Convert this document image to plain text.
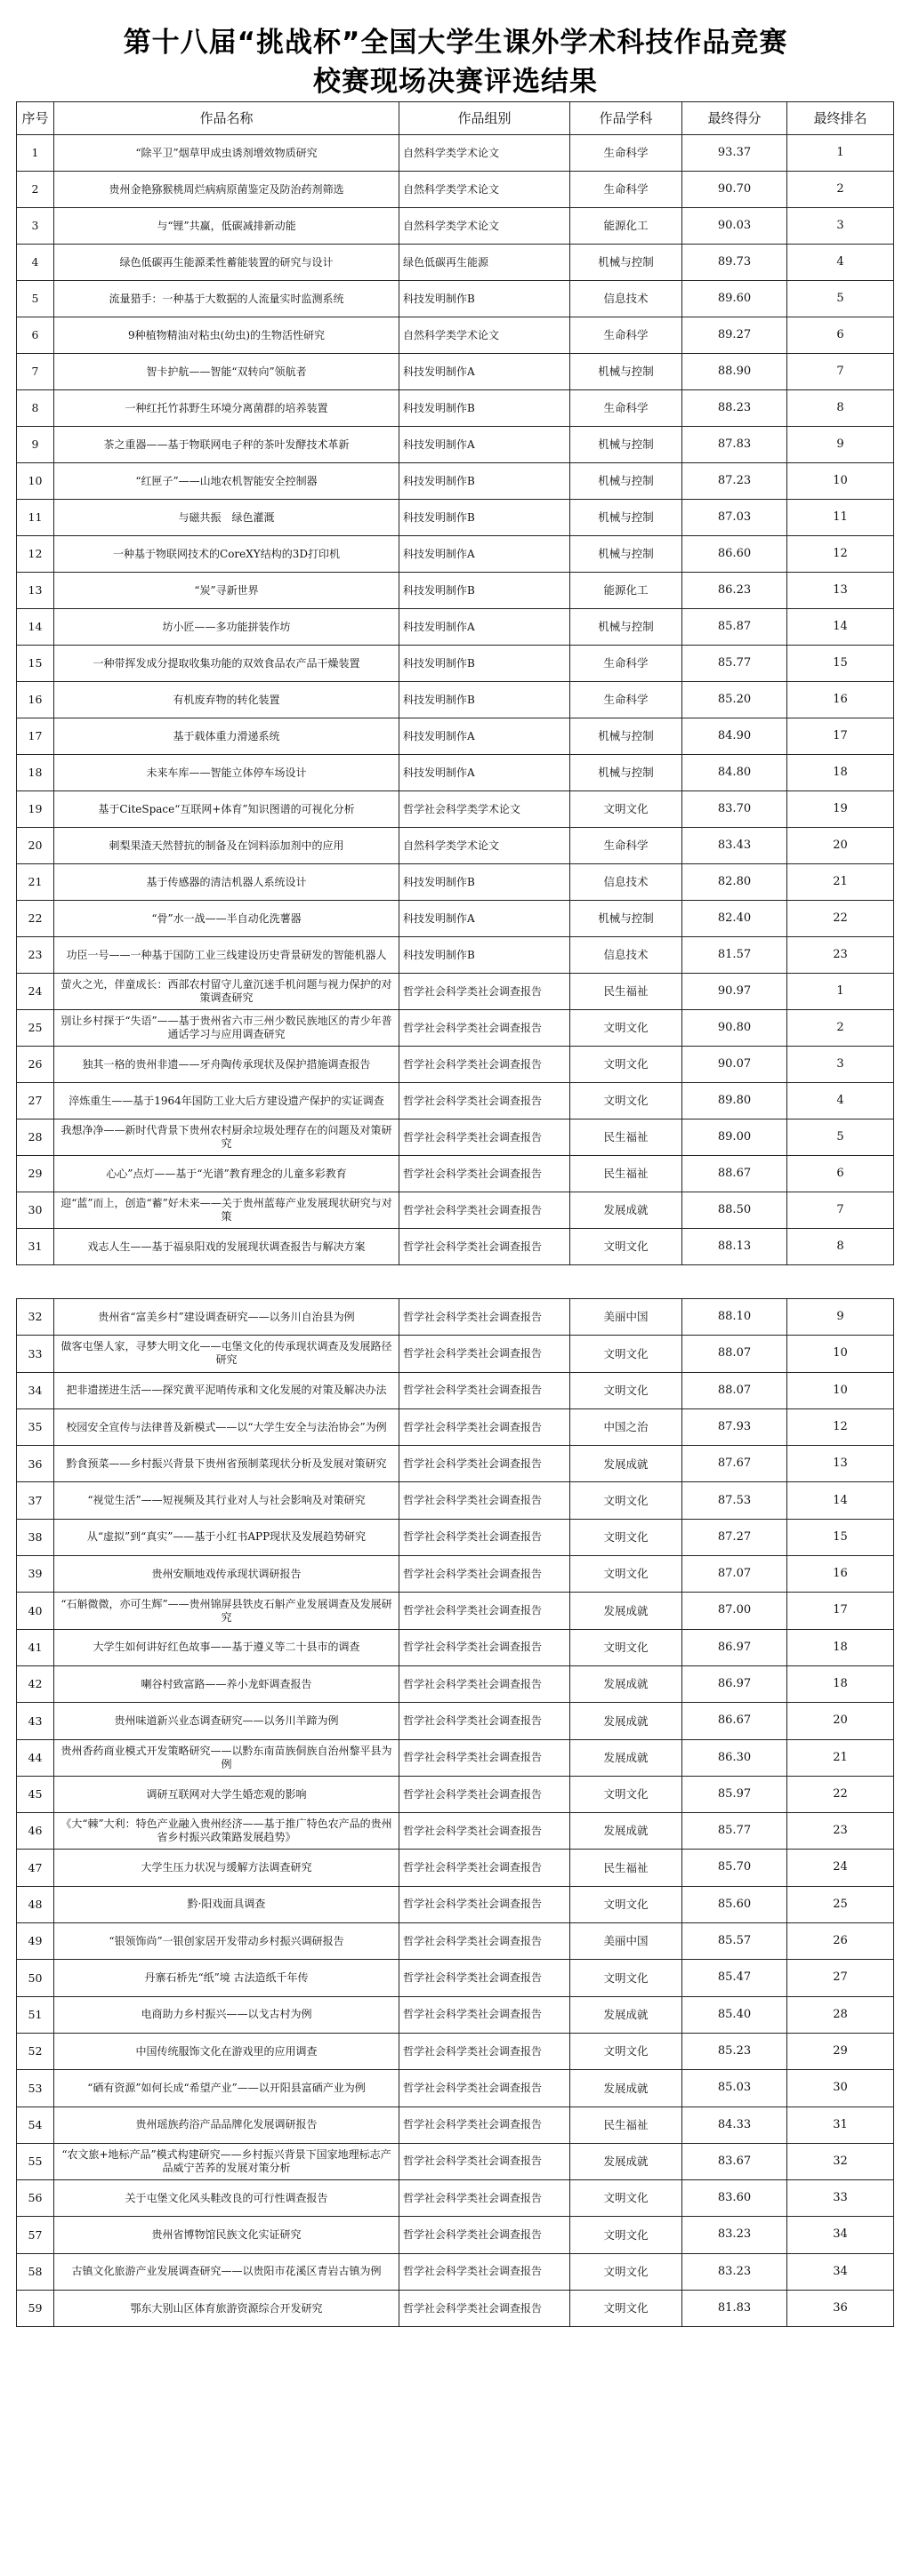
第十八届“挑战杯”全国大学生课外学术科技作品竞赛
校赛现场决赛评选结果
序号	作品名称	作品组别	作品学科	最终得分	最终排名
1	“除平卫”烟草甲成虫诱剂增效物质研究	自然科学类学术论文	生命科学	93.37	1
2	贵州金艳猕猴桃周烂病病原菌鉴定及防治药剂筛选	自然科学类学术论文	生命科学	90.70	2
3	与“锂”共赢，低碳减排新动能	自然科学类学术论文	能源化工	90.03	3
4	绿色低碳再生能源柔性蓄能装置的研究与设计	绿色低碳再生能源	机械与控制	89.73	4
5	流量猎手：一种基于大数据的人流量实时监测系统	科技发明制作B	信息技术	89.60	5
6	9种植物精油对粘虫(幼虫)的生物活性研究	自然科学类学术论文	生命科学	89.27	6
7	智卡护航——智能“双转向”领航者	科技发明制作A	机械与控制	88.90	7
8	一种红托竹荪野生环境分离菌群的培养装置	科技发明制作B	生命科学	88.23	8
9	茶之重器——基于物联网电子秤的茶叶发酵技术革新	科技发明制作A	机械与控制	87.83	9
10	“红匣子”——山地农机智能安全控制器	科技发明制作B	机械与控制	87.23	10
11	与磁共振　绿色灌溉	科技发明制作B	机械与控制	87.03	11
12	一种基于物联网技术的CoreXY结构的3D打印机	科技发明制作A	机械与控制	86.60	12
13	“炭”寻新世界	科技发明制作B	能源化工	86.23	13
14	坊小匠——多功能拼装作坊	科技发明制作A	机械与控制	85.87	14
15	一种带挥发成分提取收集功能的双效食品农产品干燥装置	科技发明制作B	生命科学	85.77	15
16	有机废弃物的转化装置	科技发明制作B	生命科学	85.20	16
17	基于载体重力滑递系统	科技发明制作A	机械与控制	84.90	17
18	未来车库——智能立体停车场设计	科技发明制作A	机械与控制	84.80	18
19	基于CiteSpace“互联网+体育”知识图谱的可视化分析	哲学社会科学类学术论文	文明文化	83.70	19
20	刺梨果渣天然替抗的制备及在饲料添加剂中的应用	自然科学类学术论文	生命科学	83.43	20
21	基于传感器的清洁机器人系统设计	科技发明制作B	信息技术	82.80	21
22	“骨”水一战——半自动化洗薯器	科技发明制作A	机械与控制	82.40	22
23	功臣一号——一种基于国防工业三线建设历史背景研发的智能机器人	科技发明制作B	信息技术	81.57	23
24	萤火之光，伴童成长：西部农村留守儿童沉迷手机问题与视力保护的对策调查研究	哲学社会科学类社会调查报告	民生福祉	90.97	1
25	别让乡村探于“失语”——基于贵州省六市三州少数民族地区的青少年普通话学习与应用调查研究	哲学社会科学类社会调查报告	文明文化	90.80	2
26	独其一格的贵州非遗——牙舟陶传承现状及保护措施调查报告	哲学社会科学类社会调查报告	文明文化	90.07	3
27	淬炼重生——基于1964年国防工业大后方建设遗产保护的实证调查	哲学社会科学类社会调查报告	文明文化	89.80	4
28	我想净净——新时代背景下贵州农村厨余垃圾处理存在的问题及对策研究	哲学社会科学类社会调查报告	民生福祉	89.00	5
29	心心”点灯——基于“光谱”教育理念的儿童多彩教育	哲学社会科学类社会调查报告	民生福祉	88.67	6
30	迎“蓝”而上，创造“蓄”好未来——关于贵州蓝莓产业发展现状研究与对策	哲学社会科学类社会调查报告	发展成就	88.50	7
31	戏志人生——基于福泉阳戏的发展现状调查报告与解决方案	哲学社会科学类社会调查报告	文明文化	88.13	8
32	贵州省“富美乡村”建设调查研究——以务川自治县为例	哲学社会科学类社会调查报告	美丽中国	88.10	9
33	做客屯堡人家，寻梦大明文化——屯堡文化的传承现状调查及发展路径研究	哲学社会科学类社会调查报告	文明文化	88.07	10
34	把非遗搓进生活——探究黄平泥哨传承和文化发展的对策及解决办法	哲学社会科学类社会调查报告	文明文化	88.07	10
35	校园安全宣传与法律普及新模式——以“大学生安全与法治协会”为例	哲学社会科学类社会调查报告	中国之治	87.93	12
36	黔食预菜——乡村振兴背景下贵州省预制菜现状分析及发展对策研究	哲学社会科学类社会调查报告	发展成就	87.67	13
37	“视觉生活”——短视频及其行业对人与社会影响及对策研究	哲学社会科学类社会调查报告	文明文化	87.53	14
38	从“虚拟”到“真实”——基于小红书APP现状及发展趋势研究	哲学社会科学类社会调查报告	文明文化	87.27	15
39	贵州安顺地戏传承现状调研报告	哲学社会科学类社会调查报告	文明文化	87.07	16
40	“石斛微微，亦可生辉”——贵州锦屏县铁皮石斛产业发展调查及发展研究	哲学社会科学类社会调查报告	发展成就	87.00	17
41	大学生如何讲好红色故事——基于遵义等二十县市的调查	哲学社会科学类社会调查报告	文明文化	86.97	18
42	喇谷村致富路——养小龙虾调查报告	哲学社会科学类社会调查报告	发展成就	86.97	18
43	贵州味道新兴业态调查研究——以务川羊蹄为例	哲学社会科学类社会调查报告	发展成就	86.67	20
44	贵州香药商业模式开发策略研究——以黔东南苗族侗族自治州黎平县为例	哲学社会科学类社会调查报告	发展成就	86.30	21
45	调研互联网对大学生婚恋观的影响	哲学社会科学类社会调查报告	文明文化	85.97	22
46	《大“棘”大利：特色产业融入贵州经济——基于推广特色农产品的贵州省乡村振兴政策路发展趋势》	哲学社会科学类社会调查报告	发展成就	85.77	23
47	大学生压力状况与缓解方法调查研究	哲学社会科学类社会调查报告	民生福祉	85.70	24
48	黔·阳戏面具调查	哲学社会科学类社会调查报告	文明文化	85.60	25
49	“银领饰尚”一银创家居开发带动乡村振兴调研报告	哲学社会科学类社会调查报告	美丽中国	85.57	26
50	丹寨石桥先“纸”境 古法造纸千年传	哲学社会科学类社会调查报告	文明文化	85.47	27
51	电商助力乡村振兴——以戈古村为例	哲学社会科学类社会调查报告	发展成就	85.40	28
52	中国传统服饰文化在游戏里的应用调查	哲学社会科学类社会调查报告	文明文化	85.23	29
53	“硒有资源”如何长成“希望产业”——以开阳县富硒产业为例	哲学社会科学类社会调查报告	发展成就	85.03	30
54	贵州瑶族药浴产品品牌化发展调研报告	哲学社会科学类社会调查报告	民生福祉	84.33	31
55	“农文旅+地标产品”模式构建研究——乡村振兴背景下国家地理标志产品威宁苦荞的发展对策分析	哲学社会科学类社会调查报告	发展成就	83.67	32
56	关于屯堡文化风头鞋改良的可行性调查报告	哲学社会科学类社会调查报告	文明文化	83.60	33
57	贵州省博物馆民族文化实证研究	哲学社会科学类社会调查报告	文明文化	83.23	34
58	古镇文化旅游产业发展调查研究——以贵阳市花溪区青岩古镇为例	哲学社会科学类社会调查报告	文明文化	83.23	34
59	鄂东大别山区体育旅游资源综合开发研究	哲学社会科学类社会调查报告	文明文化	81.83	36
